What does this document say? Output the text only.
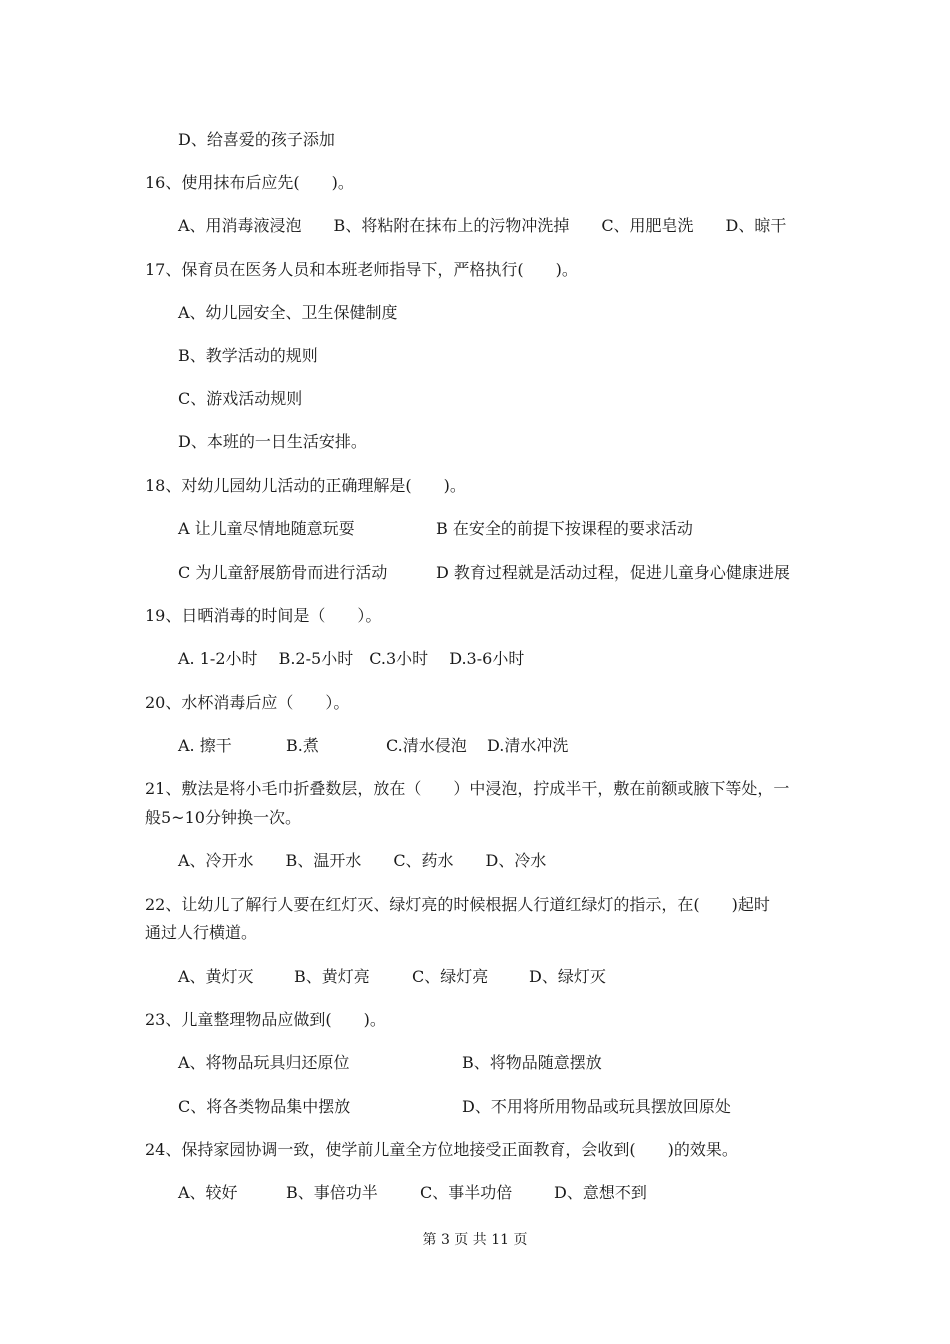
D、给喜爱的孩子添加
16、使用抹布后应先(　　)。
A、用消毒液浸泡　　B、将粘附在抹布上的污物冲洗掉　　C、用肥皂洗　　D、晾干
17、保育员在医务人员和本班老师指导下，严格执行(　　)。
A、幼儿园安全、卫生保健制度
B、教学活动的规则
C、游戏活动规则
D、本班的一日生活安排。
18、对幼儿园幼儿活动的正确理解是(　　)。
A 让儿童尽情地随意玩耍	B 在安全的前提下按课程的要求活动
C 为儿童舒展筋骨而进行活动	D 教育过程就是活动过程，促进儿童身心健康进展
19、日晒消毒的时间是（　　）。
A. 1-2小时　 B.2-5小时　C.3小时　 D.3-6小时
20、水杯消毒后应（　　）。
A. 擦干	B.煮	C.清水侵泡 D.清水冲洗
21、敷法是将小毛巾折叠数层，放在（　　）中浸泡，拧成半干，敷在前额或腋下等处，一
般5~10分钟换一次。
A、冷开水　　B、温开水　　C、药水　　D、冷水
22、让幼儿了解行人要在红灯灭、绿灯亮的时候根据人行道红绿灯的指示，在(　　)起时
通过人行横道。
A、黄灯灭	B、黄灯亮	C、绿灯亮	D、绿灯灭
23、儿童整理物品应做到(　　)。
A、将物品玩具归还原位	B、将物品随意摆放
C、将各类物品集中摆放	D、不用将所用物品或玩具摆放回原处
24、保持家园协调一致，使学前儿童全方位地接受正面教育，会收到(　　)的效果。
A、较好	B、事倍功半	C、事半功倍	D、意想不到
第 3 页 共 11 页
